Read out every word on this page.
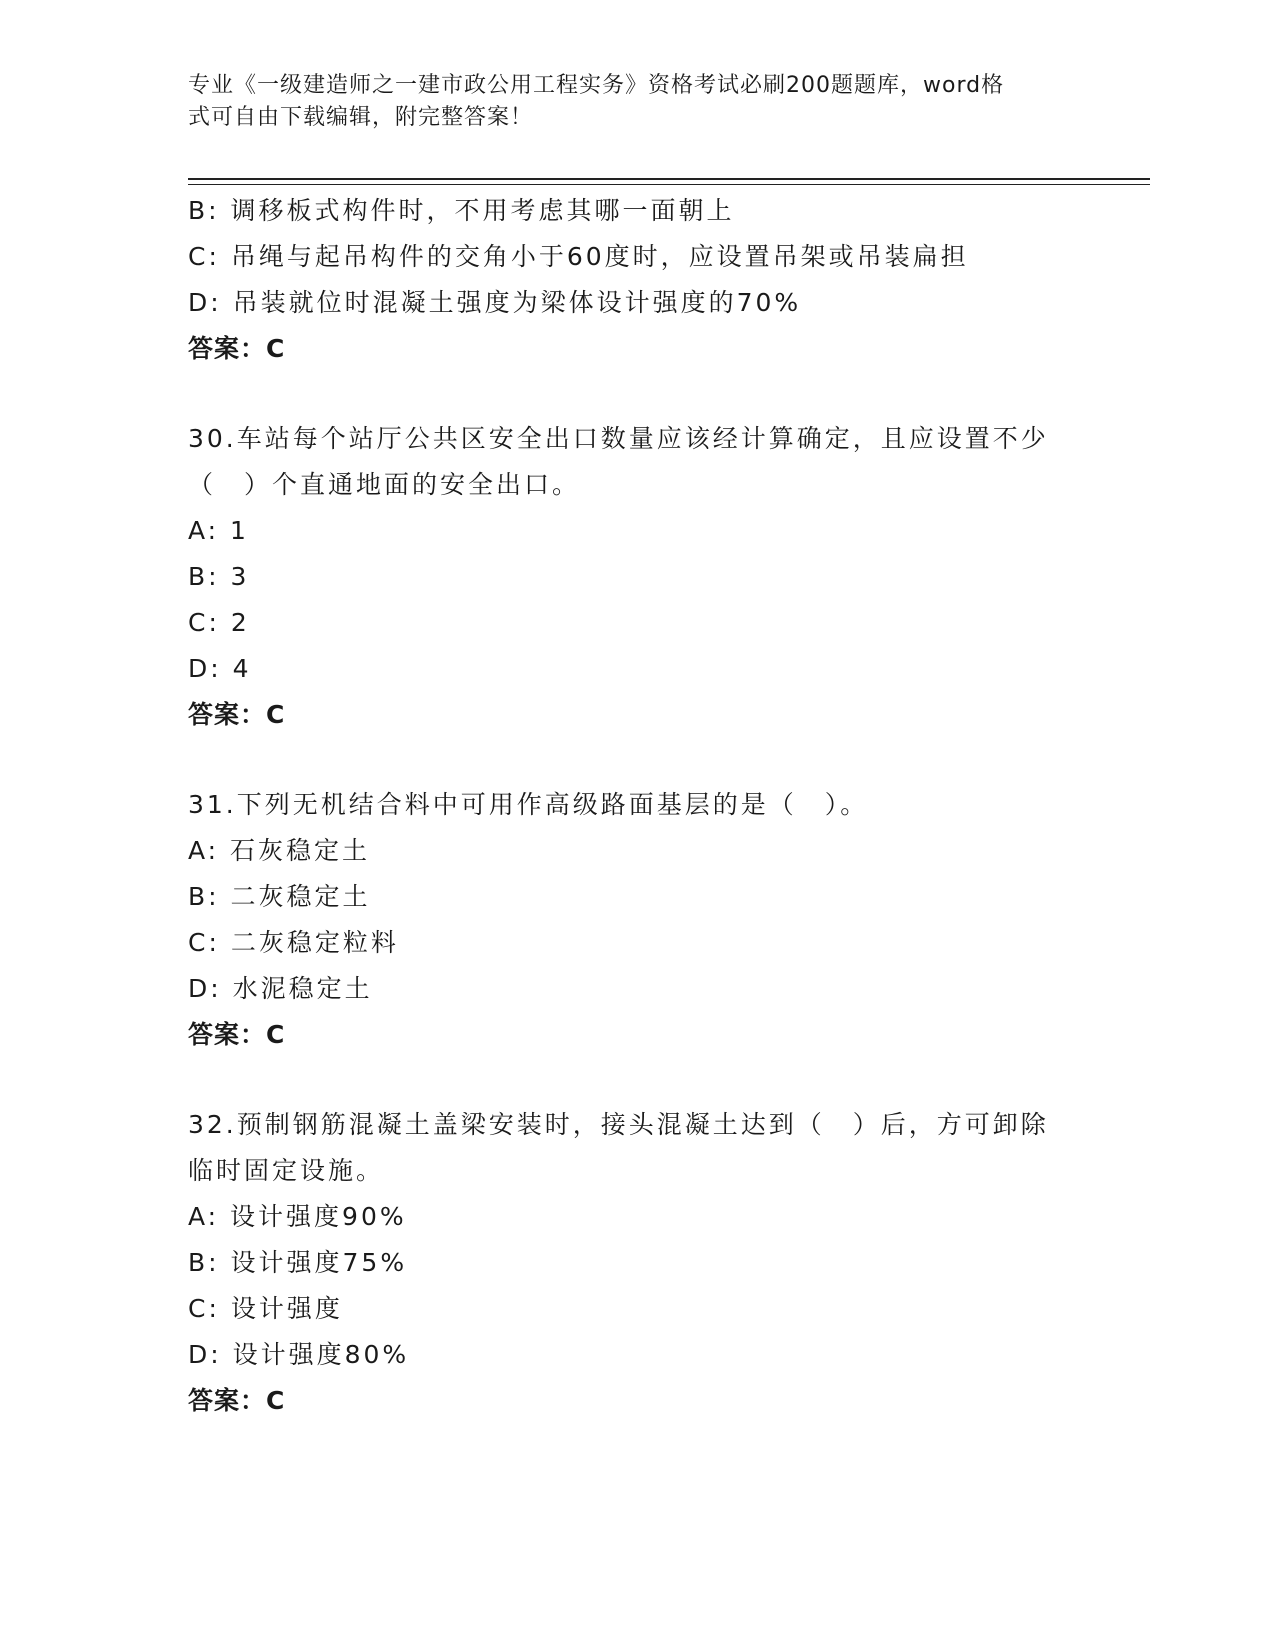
专业《一级建造师之一建市政公用工程实务》资格考试必刷200题题库，word格
式可自由下载编辑，附完整答案！
B: 调移板式构件时，不用考虑其哪一面朝上
C: 吊绳与起吊构件的交角小于60度时，应设置吊架或吊装扁担
D: 吊装就位时混凝土强度为梁体设计强度的70%
答案：C
30.车站每个站厅公共区安全出口数量应该经计算确定，且应设置不少
（　）个直通地面的安全出口。
A: 1
B: 3
C: 2
D: 4
答案：C
31.下列无机结合料中可用作高级路面基层的是（　）。
A: 石灰稳定土
B: 二灰稳定土
C: 二灰稳定粒料
D: 水泥稳定土
答案：C
32.预制钢筋混凝土盖梁安装时，接头混凝土达到（　）后，方可卸除
临时固定设施。
A: 设计强度90%
B: 设计强度75%
C: 设计强度
D: 设计强度80%
答案：C
